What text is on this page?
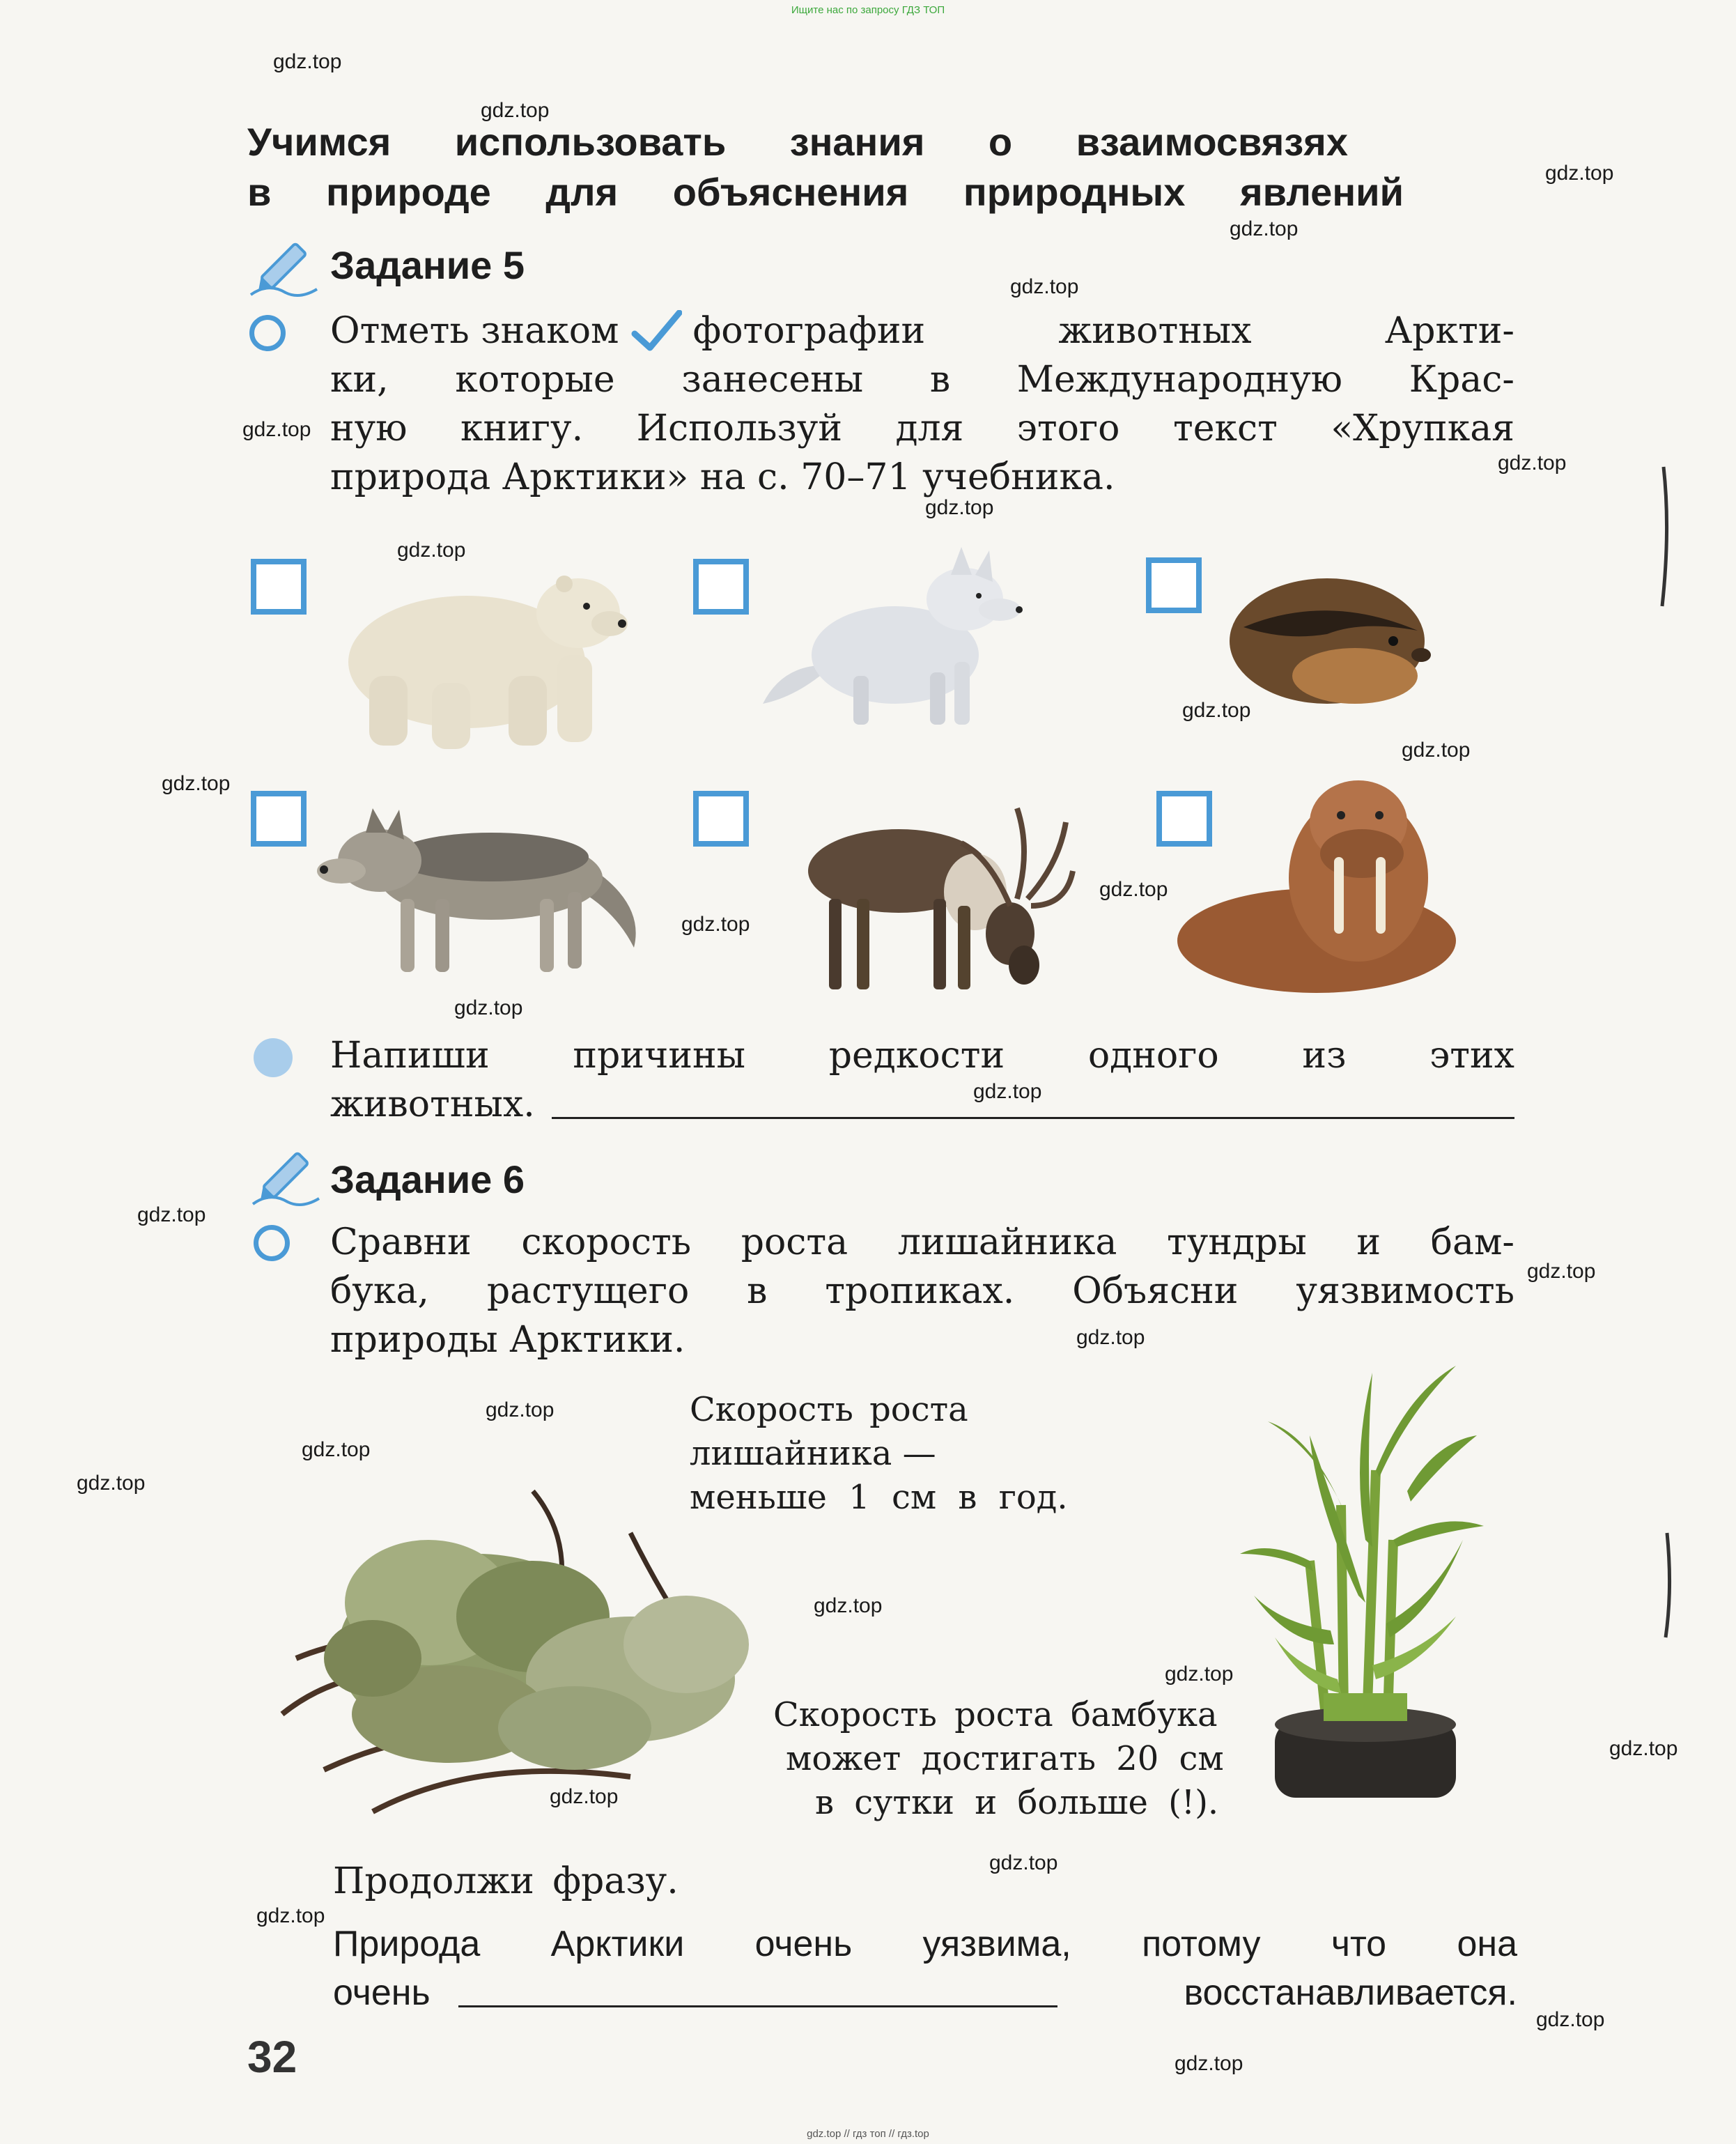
Ищите нас по запросу ГДЗ ТОП
Учимся использовать знания о взаимосвязях
в природе для объяснения природных явлений
Задание 5
Отметь знаком фотографии животных Аркти-
ки, которые занесены в Международную Крас-
ную книгу. Используй для этого текст «Хрупкая
природа Арктики» на с. 70–71 учебника.
Напиши причины редкости одного из этих
животных.
Задание 6
Сравни скорость роста лишайника тундры и бам-
бука, растущего в тропиках. Объясни уязвимость
природы Арктики.
Скорость роста
лишайника —
меньше 1 см в год.
Скорость роста бамбука
может достигать 20 см
в сутки и больше (!).
Продолжи фразу.
Природа Арктики очень уязвима, потому что она
очень	восстанавливается.
32
gdz.top
gdz.top
gdz.top
gdz.top
gdz.top
gdz.top
gdz.top
gdz.top
gdz.top
gdz.top
gdz.top
gdz.top
gdz.top
gdz.top
gdz.top
gdz.top
gdz.top
gdz.top
gdz.top
gdz.top
gdz.top
gdz.top
gdz.top
gdz.top
gdz.top
gdz.top
gdz.top
gdz.top
gdz.top
gdz.top
gdz.top // гдз топ // гдз.top
